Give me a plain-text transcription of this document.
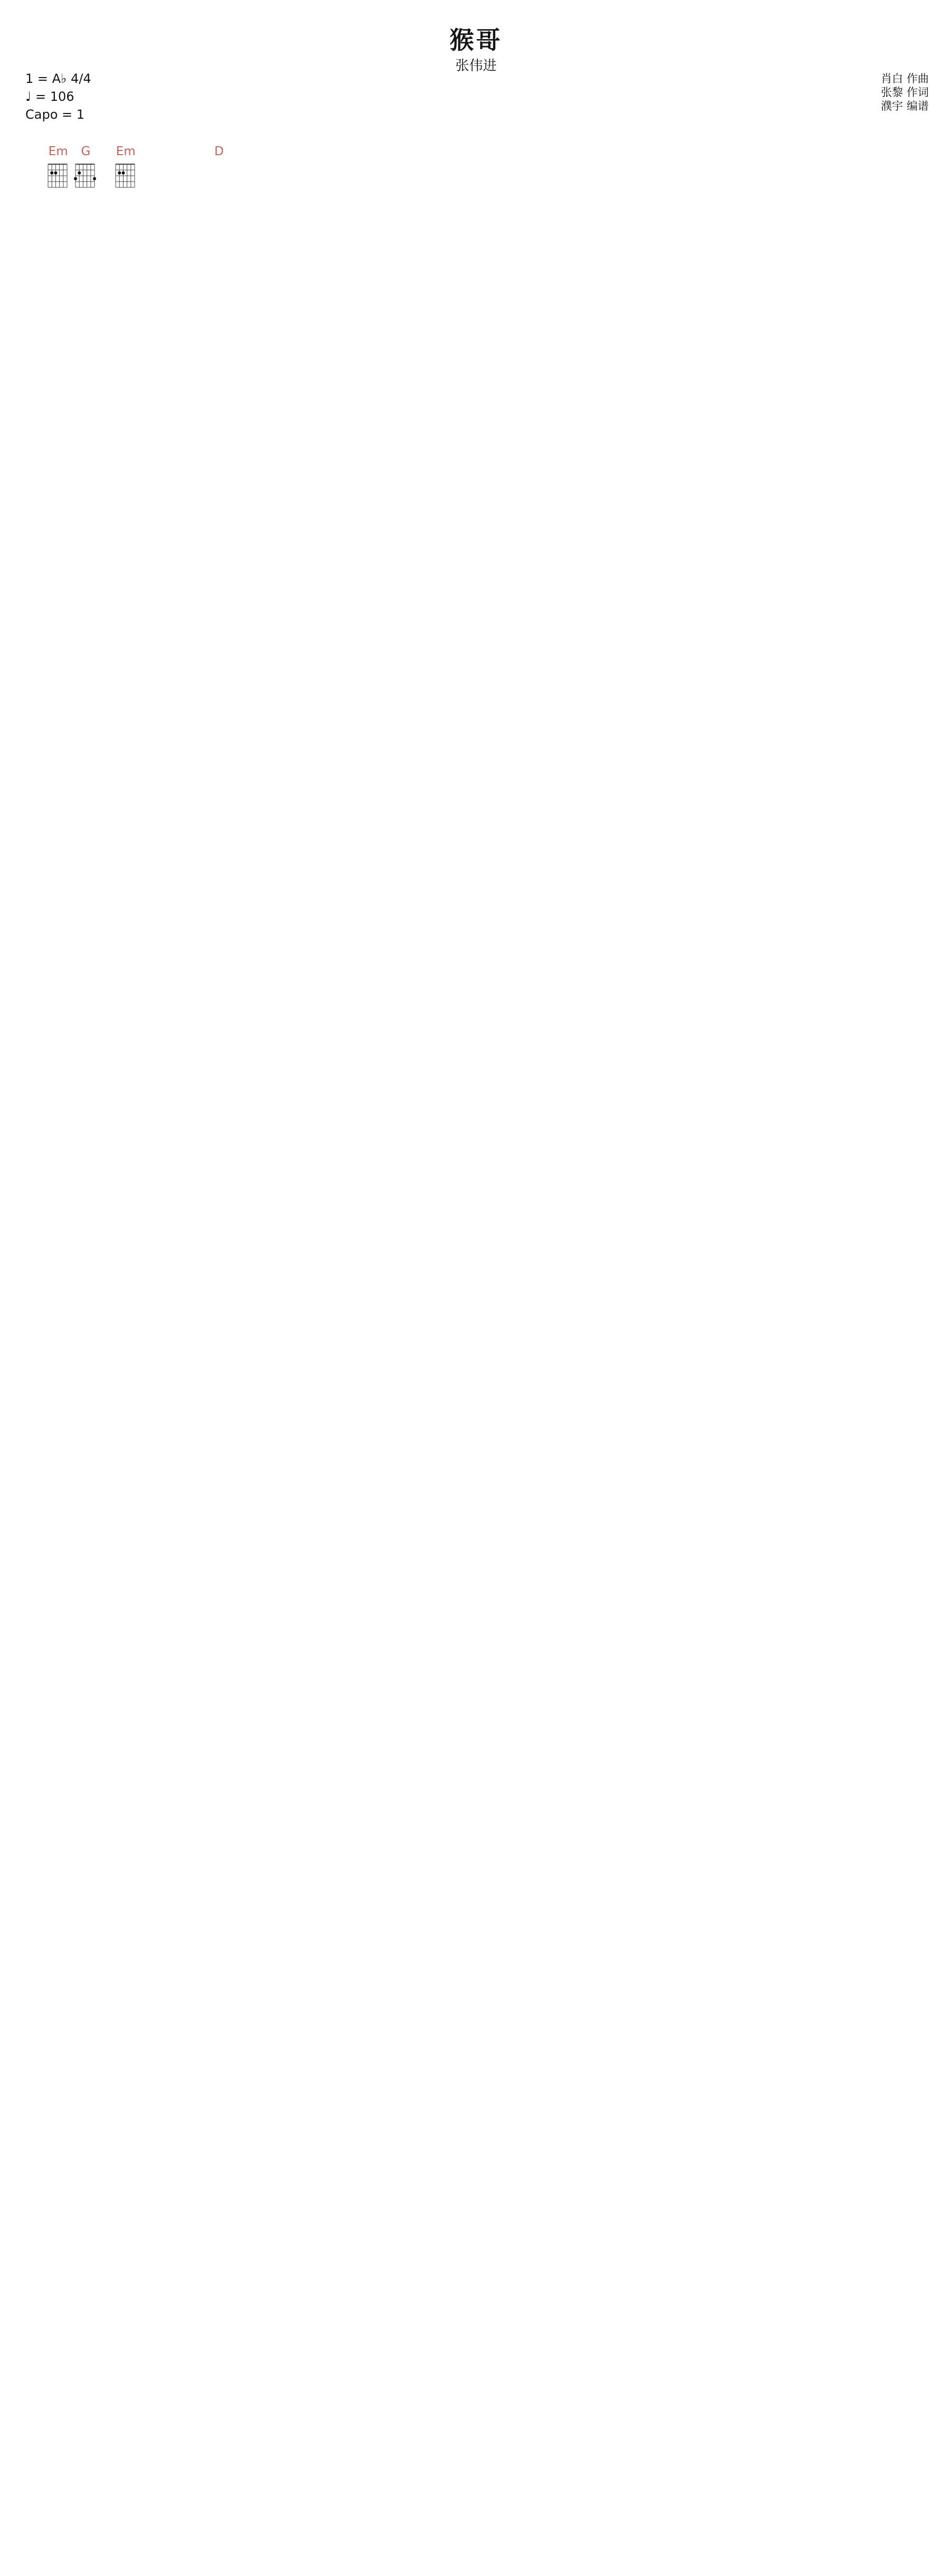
猴哥
张伟进
1 = A♭ 4/4
♩ = 106
Capo = 1
肖白 作曲
张黎 作词
濮宇 编谱
Em	G	Em	D
